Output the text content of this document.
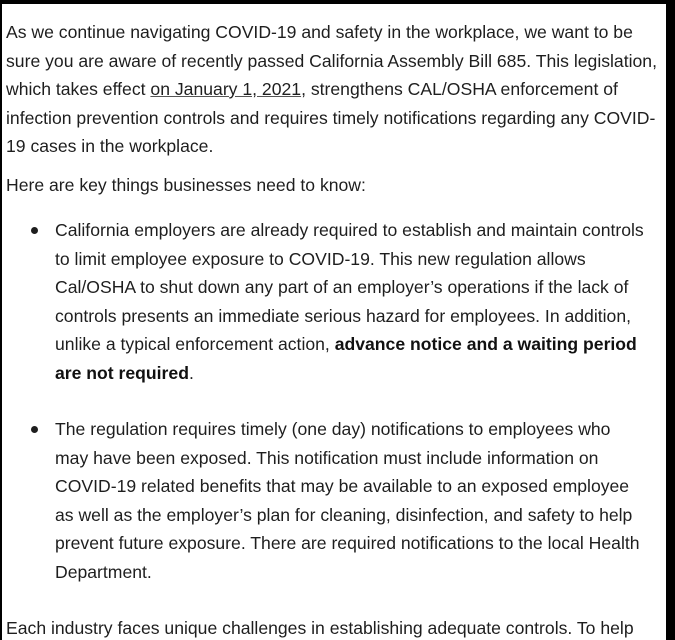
As we continue navigating COVID-19 and safety in the workplace, we want to be sure you are aware of recently passed California Assembly Bill 685. This legislation, which takes effect on January 1, 2021, strengthens CAL/OSHA enforcement of infection prevention controls and requires timely notifications regarding any COVID-19 cases in the workplace.

Here are key things businesses need to know:

California employers are already required to establish and maintain controls to limit employee exposure to COVID-19. This new regulation allows Cal/OSHA to shut down any part of an employer’s operations if the lack of controls presents an immediate serious hazard for employees. In addition, unlike a typical enforcement action, advance notice and a waiting period are not required.
The regulation requires timely (one day) notifications to employees who may have been exposed. This notification must include information on COVID-19 related benefits that may be available to an exposed employee as well as the employer’s plan for cleaning, disinfection, and safety to help prevent future exposure. There are required notifications to the local Health Department.

Each industry faces unique challenges in establishing adequate controls. To help
